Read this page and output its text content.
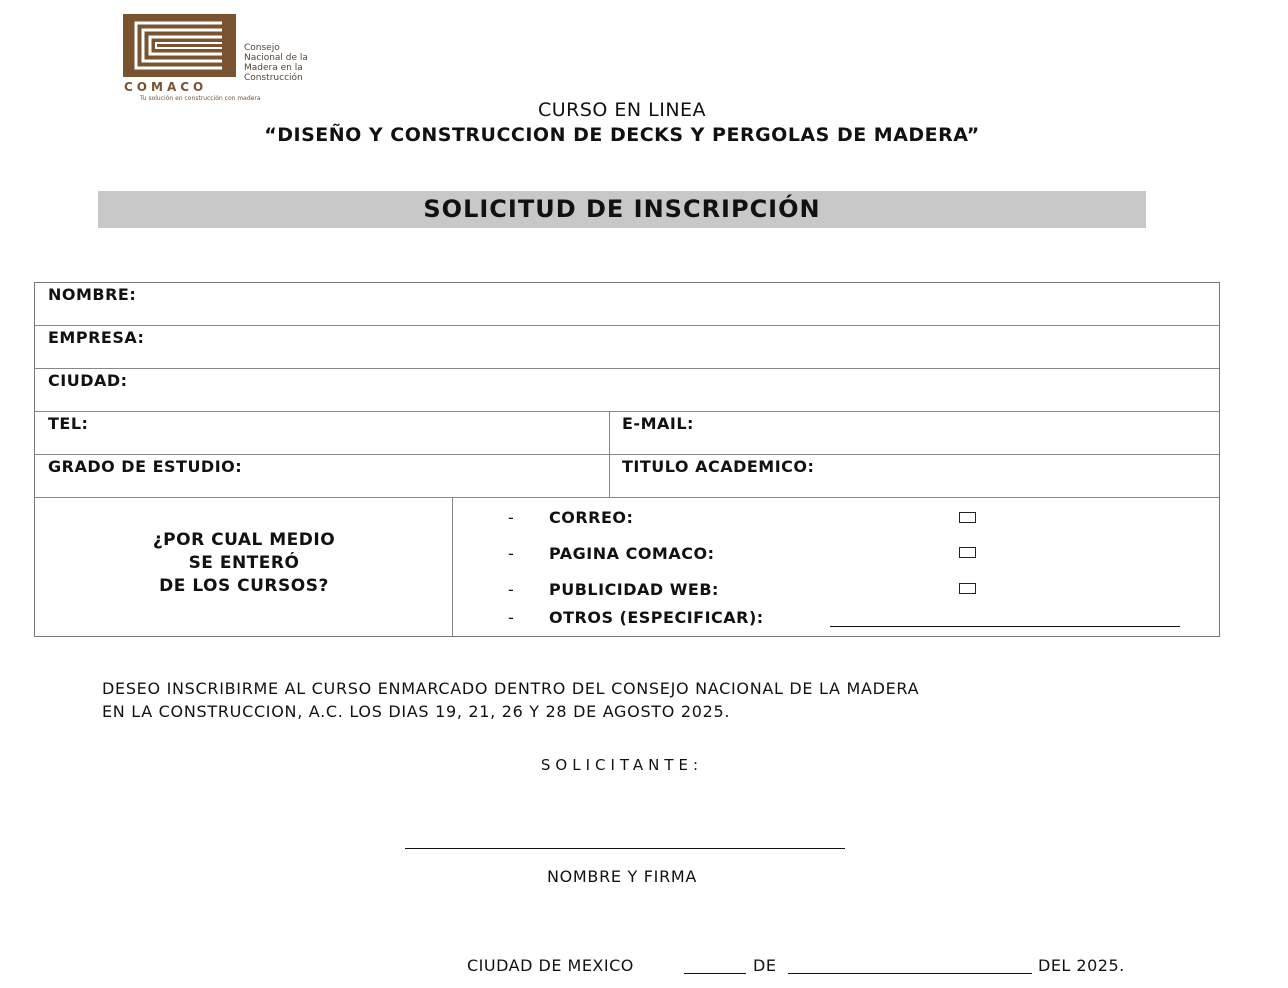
Consejo
Nacional de la
Madera en la
Construcción
COMACO
Tu solución en construcción con madera
CURSO EN LINEA
“DISEÑO Y CONSTRUCCION DE DECKS Y PERGOLAS DE MADERA”
SOLICITUD DE INSCRIPCIÓN
NOMBRE:
EMPRESA:
CIUDAD:
TEL:	E-MAIL:
GRADO DE ESTUDIO:	TITULO ACADEMICO:
¿POR CUAL MEDIO
SE ENTERÓ
DE LOS CURSOS?
- CORREO:
- PAGINA COMACO:
- PUBLICIDAD WEB:
- OTROS (ESPECIFICAR):
DESEO INSCRIBIRME AL CURSO ENMARCADO DENTRO DEL CONSEJO NACIONAL DE LA MADERA
EN LA CONSTRUCCION, A.C. LOS DIAS 19, 21, 26 Y 28 DE AGOSTO 2025.
SOLICITANTE:
NOMBRE Y FIRMA
CIUDAD DE MEXICO	DE	DEL 2025.
